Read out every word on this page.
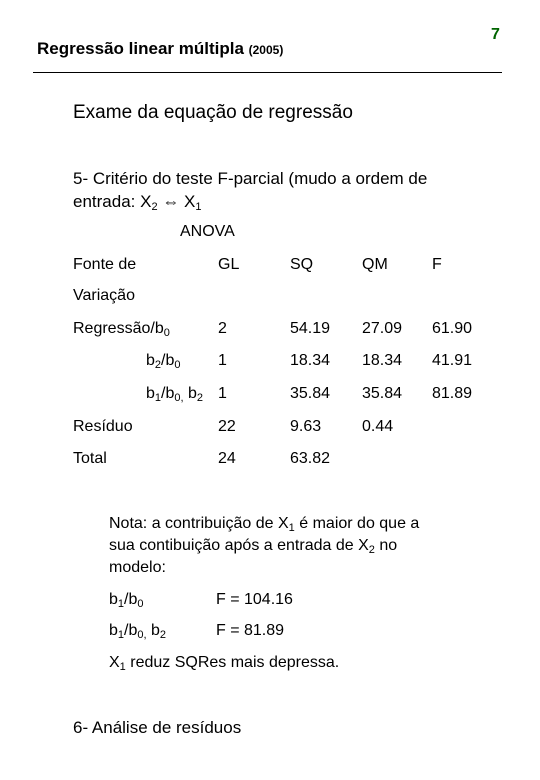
7
Regressão linear múltipla (2005)
Exame da equação de regressão
5- Critério do teste F-parcial (mudo a ordem de
entrada: $X_2$ ⇔ $X_1$
ANOVA
Fonte de	GL	SQ	QM	F
Variação
Regressão/$b_0$	2	54.19 27.09 61.90
$b_2/b_0$ 1	18.34 18.34 41.91
$b_1/b_{0,}$ $b_2$ 1	35.84 35.84 81.89
Resíduo	22	9.63	0.44
Total	24	63.82
Nota: a contribuição de $X_1$ é maior do que a
sua contibuição após a entrada de $X_2$ no
modelo:
$b_1/b_0$	F = 104.16
$b_1/b_{0,}$ $b_2$	F = 81.89
$X_1$ reduz SQRes mais depressa.
6- Análise de resíduos
